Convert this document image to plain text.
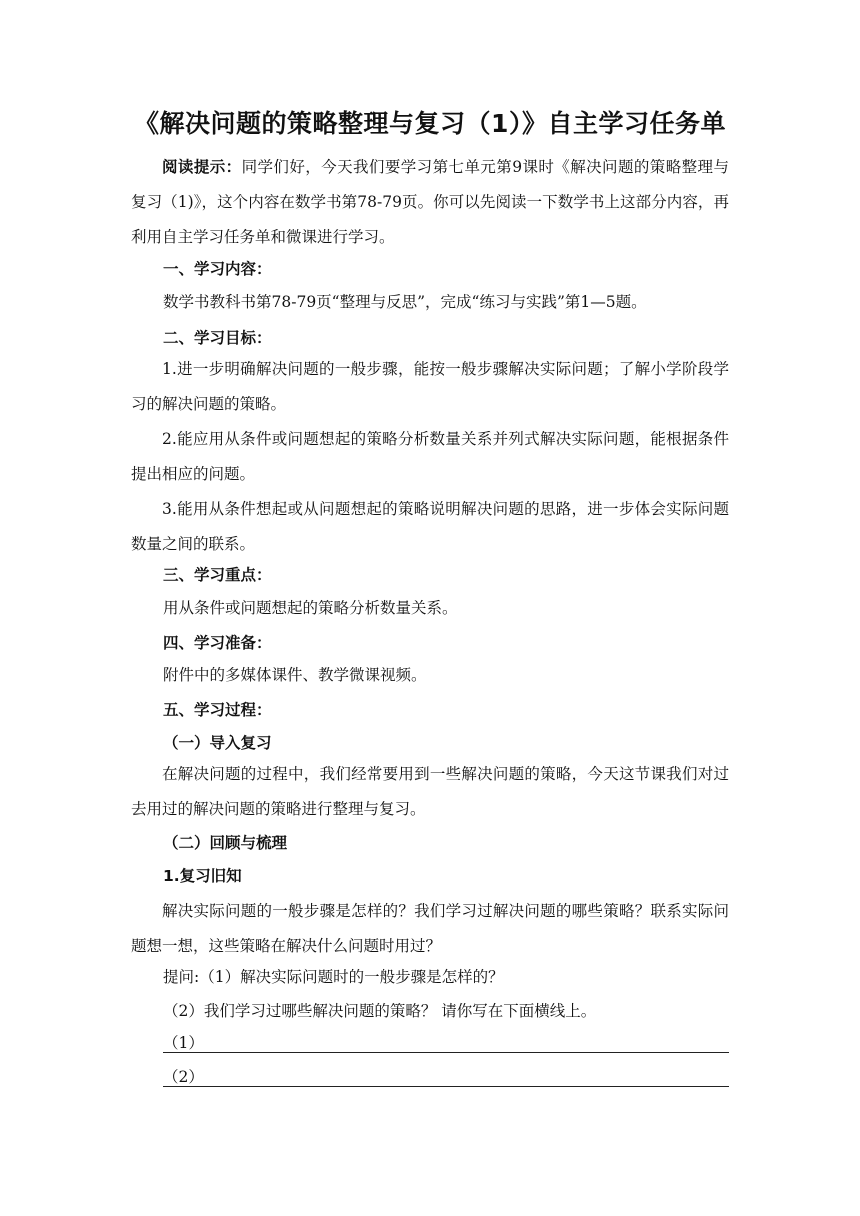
《解决问题的策略整理与复习（1）》自主学习任务单

阅读提示：同学们好，今天我们要学习第七单元第9课时《解决问题的策略整理与复习（1)》，这个内容在数学书第78-79页。你可以先阅读一下数学书上这部分内容，再利用自主学习任务单和微课进行学习。

一、学习内容：
数学书教科书第78-79页“整理与反思”，完成“练习与实践”第1—5题。
二、学习目标：

1.进一步明确解决问题的一般步骤，能按一般步骤解决实际问题；了解小学阶段学习的解决问题的策略。

2.能应用从条件或问题想起的策略分析数量关系并列式解决实际问题，能根据条件提出相应的问题。

3.能用从条件想起或从问题想起的策略说明解决问题的思路，进一步体会实际问题数量之间的联系。

三、学习重点：
用从条件或问题想起的策略分析数量关系。
四、学习准备：
附件中的多媒体课件、教学微课视频。
五、学习过程：
（一）导入复习

在解决问题的过程中，我们经常要用到一些解决问题的策略，今天这节课我们对过去用过的解决问题的策略进行整理与复习。

（二）回顾与梳理
1.复习旧知

解决实际问题的一般步骤是怎样的？我们学习过解决问题的哪些策略？联系实际问题想一想，这些策略在解决什么问题时用过？

提问:（1）解决实际问题时的一般步骤是怎样的？
（2）我们学习过哪些解决问题的策略？ 请你写在下面横线上。
（1）
（2）
